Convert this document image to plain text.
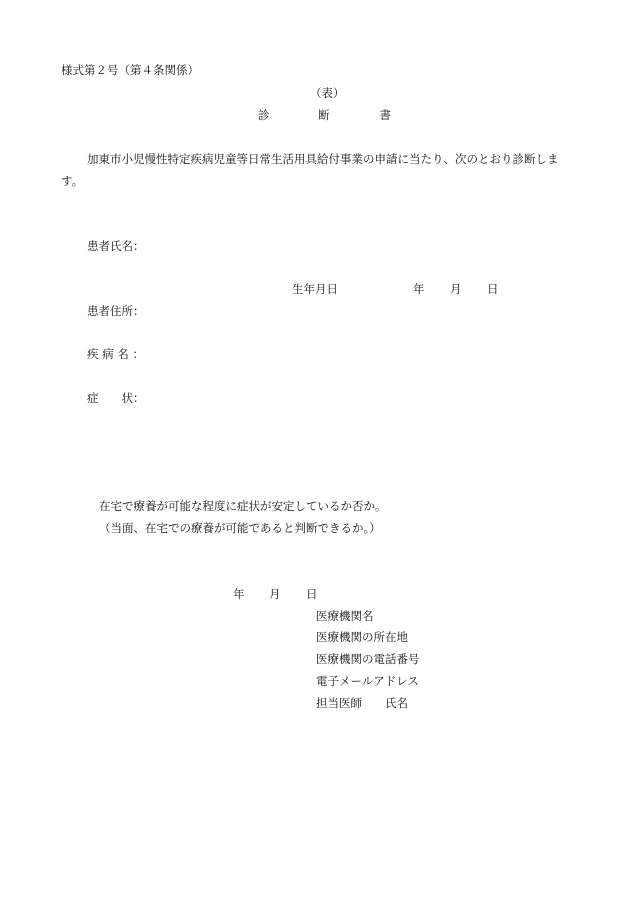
様式第２号（第４条関係）
（表）
診	断	書
加東市小児慢性特定疾病児童等日常生活用具給付事業の申請に当たり、次のとおり診断しま
す。
患者氏名：
生年月日	年 月 日
患者住所：
疾 病 名 ：
症　　状：
在宅で療養が可能な程度に症状が安定しているか否か。
（当面、在宅での療養が可能であると判断できるか。）
年 月 日
医療機関名
医療機関の所在地
医療機関の電話番号
電子メールアドレス
担当医師　　氏名
